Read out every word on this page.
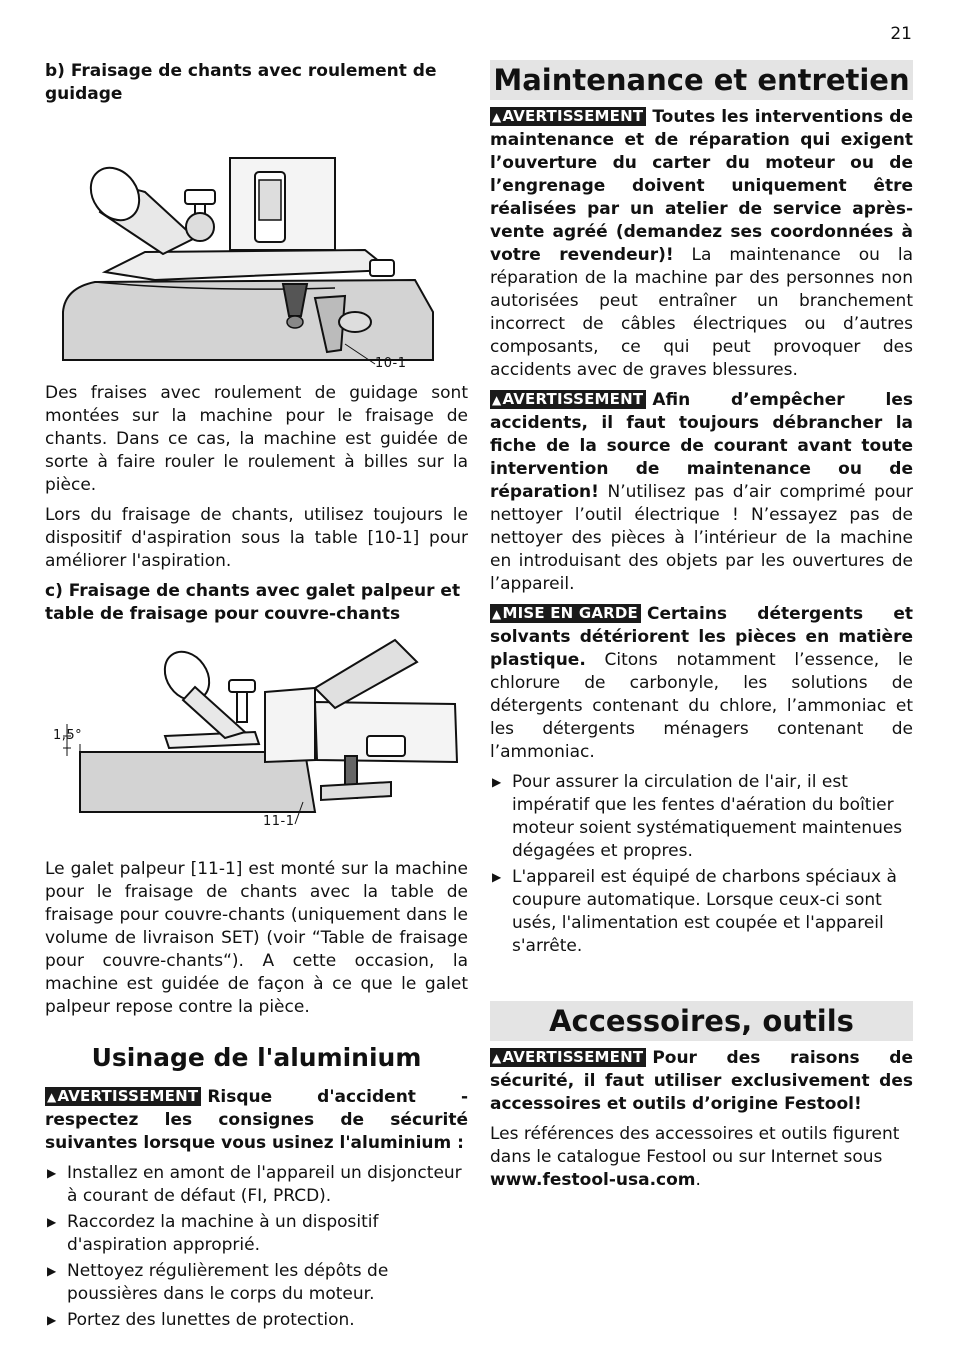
21
b) Fraisage de chants avec roulement de guidage
10-1

Des fraises avec roulement de guidage sont montées sur la machine pour le fraisage de chants. Dans ce cas, la machine est guidée de sorte à faire rouler le roulement à billes sur la pièce.

Lors du fraisage de chants, utilisez toujours le dispositif d'aspiration sous la table [10-1] pour améliorer l'aspiration.

c) Fraisage de chants avec galet palpeur et table de fraisage pour couvre-chants
1,5°
11-1

Le galet palpeur [11-1] est monté sur la machine pour le fraisage de chants avec la table de fraisage pour couvre-chants (uniquement dans le volume de livraison SET) (voir “Table de fraisage pour couvre-chants“). A cette occasion, la machine est guidée de façon à ce que le galet palpeur repose contre la pièce.

Usinage de l'aluminium

▲AVERTISSEMENT Risque d'accident - respectez les consignes de sécurité suivantes lorsque vous usinez l'aluminium :

▶ Installez en amont de l'appareil un disjoncteur à courant de défaut (FI, PRCD).
▶ Raccordez la machine à un dispositif d'aspiration approprié.
▶ Nettoyez régulièrement les dépôts de poussières dans le corps du moteur.
▶ Portez des lunettes de protection.
Maintenance et entretien

▲AVERTISSEMENT Toutes les interventions de maintenance et de réparation qui exigent l’ouverture du carter du moteur ou de l’engrenage doivent uniquement être réalisées par un atelier de service après-vente agréé (demandez ses coordonnées à votre revendeur)! La maintenance ou la réparation de la machine par des personnes non autorisées peut entraîner un branchement incorrect de câbles électriques ou d’autres composants, ce qui peut provoquer des accidents avec de graves blessures.

▲AVERTISSEMENT Afin d’empêcher les accidents, il faut toujours débrancher la fiche de la source de courant avant toute intervention de maintenance ou de réparation! N’utilisez pas d’air comprimé pour nettoyer l’outil électrique ! N’essayez pas de nettoyer des pièces à l’intérieur de la machine en introduisant des objets par les ouvertures de l’appareil.

▲MISE EN GARDE Certains détergents et solvants détériorent les pièces en matière plastique. Citons notamment l’essence, le chlorure de carbonyle, les solutions de détergents contenant du chlore, l’ammoniac et les détergents ménagers contenant de l’ammoniac.

▶ Pour assurer la circulation de l'air, il est impératif que les fentes d'aération du boîtier moteur soient systématiquement maintenues dégagées et propres.
▶ L'appareil est équipé de charbons spéciaux à coupure automatique. Lorsque ceux-ci sont usés, l'alimentation est coupée et l'appareil s'arrête.
Accessoires, outils

▲AVERTISSEMENT Pour des raisons de sécurité, il faut utiliser exclusivement des accessoires et outils d’origine Festool!

Les références des accessoires et outils figurent dans le catalogue Festool ou sur Internet sous www.festool-usa.com.
